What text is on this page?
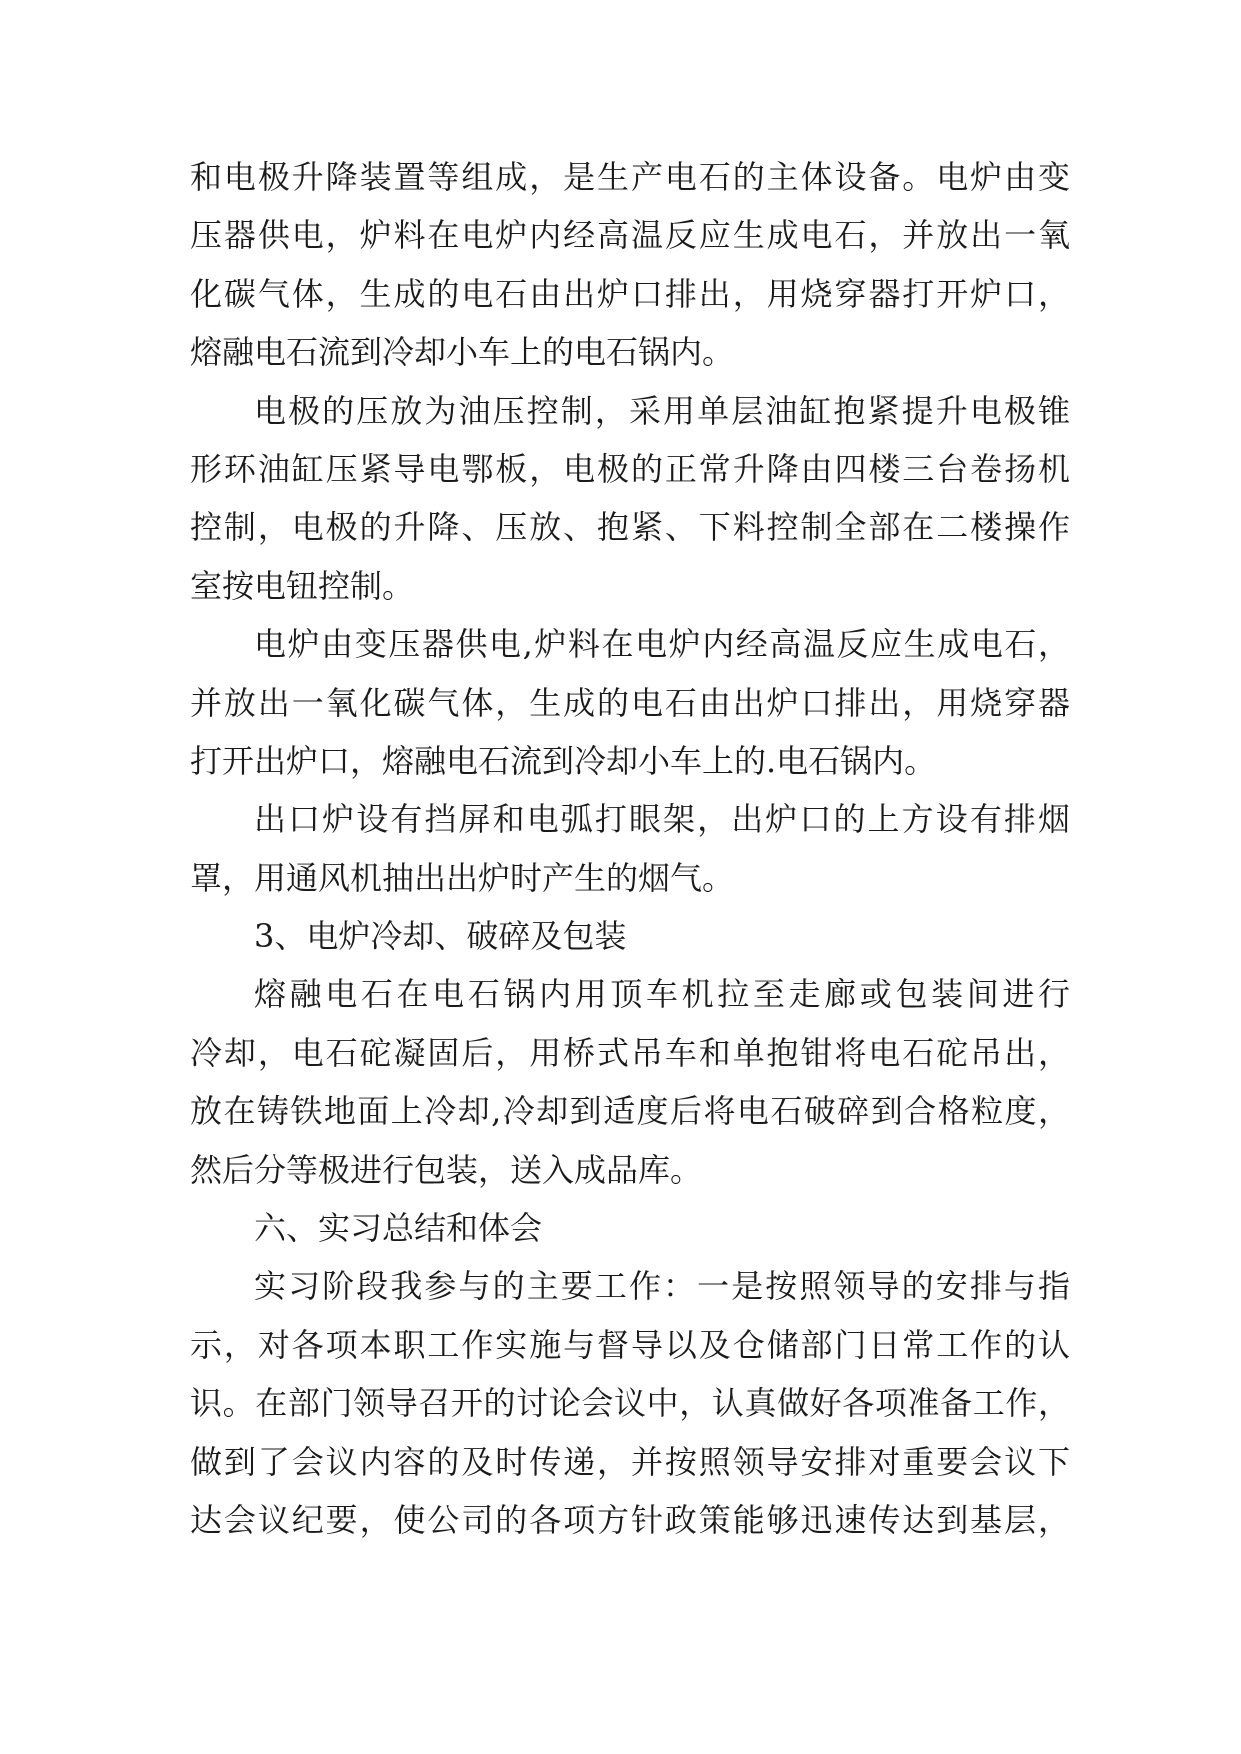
和电极升降装置等组成，是生产电石的主体设备。电炉由变
压器供电，炉料在电炉内经高温反应生成电石，并放出一氧
化碳气体，生成的电石由出炉口排出，用烧穿器打开炉口，
熔融电石流到冷却小车上的电石锅内。
电极的压放为油压控制，采用单层油缸抱紧提升电极锥
形环油缸压紧导电鄂板，电极的正常升降由四楼三台卷扬机
控制，电极的升降、压放、抱紧、下料控制全部在二楼操作
室按电钮控制。
电炉由变压器供电,炉料在电炉内经高温反应生成电石，
并放出一氧化碳气体，生成的电石由出炉口排出，用烧穿器
打开出炉口，熔融电石流到冷却小车上的.电石锅内。
出口炉设有挡屏和电弧打眼架，出炉口的上方设有排烟
罩，用通风机抽出出炉时产生的烟气。
3、电炉冷却、破碎及包装
熔融电石在电石锅内用顶车机拉至走廊或包装间进行
冷却，电石砣凝固后，用桥式吊车和单抱钳将电石砣吊出，
放在铸铁地面上冷却,冷却到适度后将电石破碎到合格粒度，
然后分等极进行包装，送入成品库。
六、实习总结和体会
实习阶段我参与的主要工作：一是按照领导的安排与指
示，对各项本职工作实施与督导以及仓储部门日常工作的认
识。在部门领导召开的讨论会议中，认真做好各项准备工作，
做到了会议内容的及时传递，并按照领导安排对重要会议下
达会议纪要，使公司的各项方针政策能够迅速传达到基层，
